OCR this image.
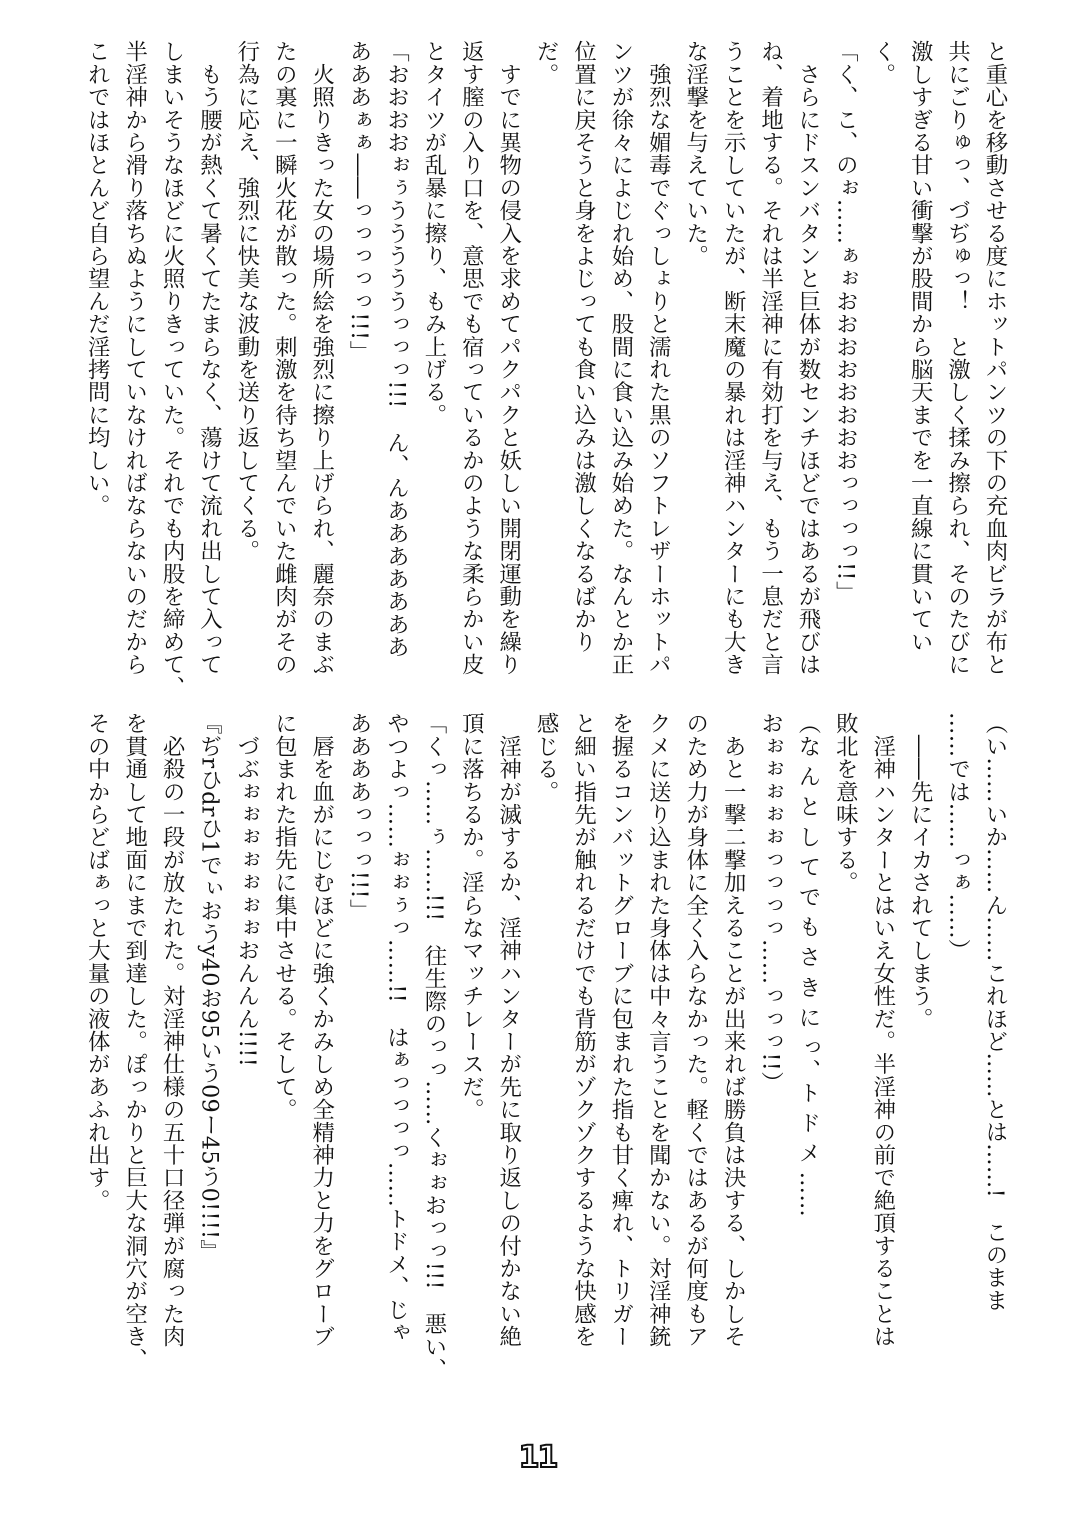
と重心を移動させる度にホットパンツの下の充血肉ビラが布と
共にごりゅっ、づぢゅっ！　と激しく揉み擦られ、そのたびに
激しすぎる甘い衝撃が股間から脳天までを一直線に貫いてい
く。
「く、こ、のぉ……ぁぉおおおおおおおおっっっっ!!」
　さらにドスンバタンと巨体が数センチほどではあるが飛びは
ね、着地する。それは半淫神に有効打を与え、もう一息だと言
うことを示していたが、断末魔の暴れは淫神ハンターにも大き
な淫撃を与えていた。
　強烈な媚毒でぐっしょりと濡れた黒のソフトレザーホットパ
ンツが徐々によじれ始め、股間に食い込み始めた。なんとか正
位置に戻そうと身をよじっても食い込みは激しくなるばかり
だ。
　すでに異物の侵入を求めてパクパクと妖しい開閉運動を繰り
返す膣の入り口を、意思でも宿っているかのような柔らかい皮
とタイツが乱暴に擦り、もみ上げる。
「おおおおぉぅうううううっっっ!!!　ん、んあああああああ
あああぁぁ――っっっっっ!!!」
　火照りきった女の場所絵を強烈に擦り上げられ、麗奈のまぶ
たの裏に一瞬火花が散った。刺激を待ち望んでいた雌肉がその
行為に応え、強烈に快美な波動を送り返してくる。
　もう腰が熱くて暑くてたまらなく、蕩けて流れ出して入って
しまいそうなほどに火照りきっていた。それでも内股を締めて、
半淫神から滑り落ちぬようにしていなければならないのだから
これではほとんど自ら望んだ淫拷問に均しい。
（い……いか……ん……これほど……とは……!　このまま
……では……っぁ……）
　――先にイカされてしまう。
　淫神ハンターとはいえ女性だ。半淫神の前で絶頂することは
敗北を意味する。
（な ん と し て で も さ き に っ、ト ド メ ……
おぉぉぉぉぉっっっっ……っっっ!!）
　あと一撃二撃加えることが出来れば勝負は決する、しかしそ
のため力が身体に全く入らなかった。軽くではあるが何度もア
クメに送り込まれた身体は中々言うことを聞かない。対淫神銃
を握るコンバットグローブに包まれた指も甘く痺れ、トリガー
と細い指先が触れるだけでも背筋がゾクゾクするような快感を
感じる。
　淫神が滅するか、淫神ハンターが先に取り返しの付かない絶
頂に落ちるか。淫らなマッチレースだ。
「くっ……ぅ……!!!　往生際のっっ……くぉぉおっっ!!!　悪い、
やつよっ……ぉぉぅっ……!!　はぁっっっっ……トドメ、じゃ
ああああっっっ!!!」
　唇を血がにじむほどに強くかみしめ全精神力と力をグローブ
に包まれた指先に集中させる。そして。
　づぶぉぉぉぉぉぉぉおんんん!!!!
『ぢrひdrひ1でぃおうy40お95いう09ー45う0!!!!』
　必殺の一段が放たれた。対淫神仕様の五十口径弾が腐った肉
を貫通して地面にまで到達した。ぽっかりと巨大な洞穴が空き、
その中からどばぁっと大量の液体があふれ出す。
11
